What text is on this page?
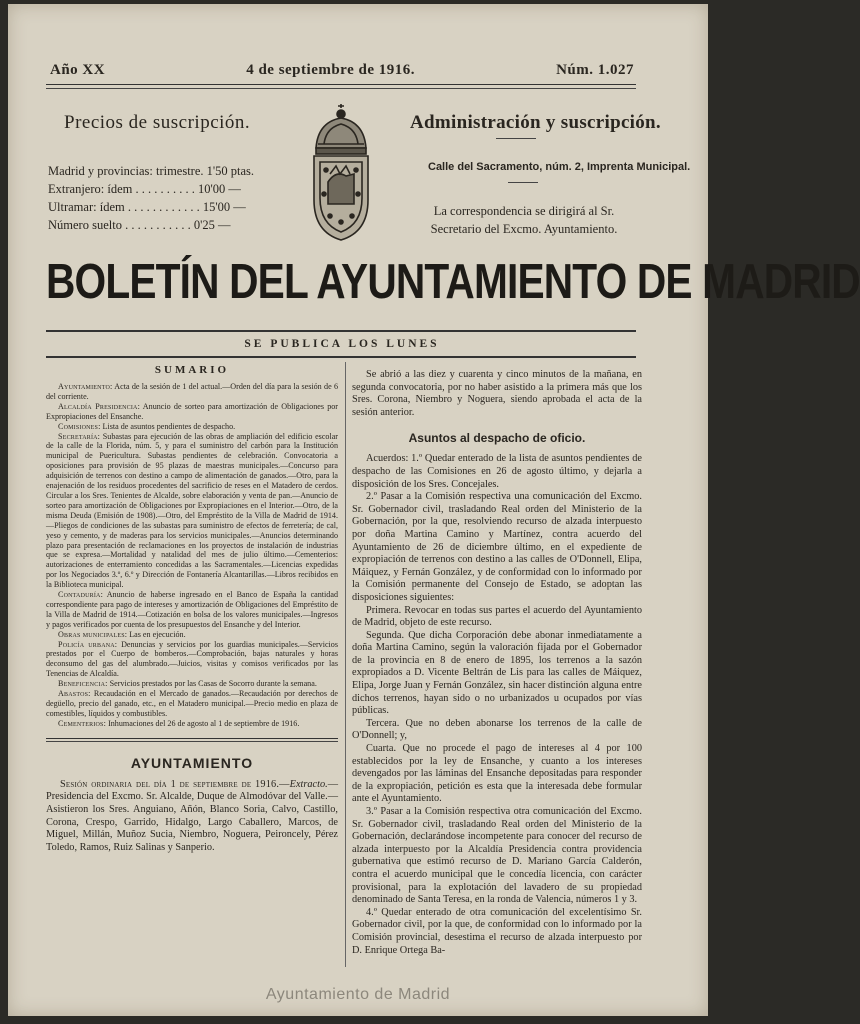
Año XX	4 de septiembre de 1916.	Núm. 1.027
Precios de suscripción.
Madrid y provincias: trimestre. 1'50 ptas.
Extranjero: ídem . . . . . . . . . . 10'00 —
Ultramar: ídem . . . . . . . . . . . . 15'00 —
Número suelto . . . . . . . . . . . 0'25 —
Administración y suscripción.
Calle del Sacramento, núm. 2, Imprenta Municipal.
La correspondencia se dirigirá al Sr. Secretario del Excmo. Ayuntamiento.
BOLETÍN DEL AYUNTAMIENTO DE MADRID
SE PUBLICA LOS LUNES
SUMARIO

Ayuntamiento: Acta de la sesión de 1 del actual.—Orden del día para la sesión de 6 del corriente.

Alcaldía Presidencia: Anuncio de sorteo para amortización de Obligaciones por Expropiaciones del Ensanche.

Comisiones: Lista de asuntos pendientes de despacho.

Secretaría: Subastas para ejecución de las obras de ampliación del edificio escolar de la calle de la Florida, núm. 5, y para el suministro del carbón para la Institución municipal de Puericultura. Subastas pendientes de celebración. Convocatoria a oposiciones para provisión de 95 plazas de maestras municipales.—Concurso para adquisición de terrenos con destino a campo de alimentación de ganados.—Otro, para la enajenación de los residuos procedentes del sacrificio de reses en el Matadero de cerdos. Circular a los Sres. Tenientes de Alcalde, sobre elaboración y venta de pan.—Anuncio de sorteo para amortización de Obligaciones por Expropiaciones en el Interior.—Otro, de la misma Deuda (Emisión de 1908).—Otro, del Empréstito de la Villa de Madrid de 1914.—Pliegos de condiciones de las subastas para suministro de efectos de ferretería; de cal, yeso y cemento, y de maderas para los servicios municipales.—Anuncios determinando plazo para presentación de reclamaciones en los proyectos de instalación de industrias que se expresa.—Mortalidad y natalidad del mes de julio último.—Cementerios: autorizaciones de enterramiento concedidas a las Sacramentales.—Licencias expedidas por los Negociados 3.º, 6.º y Dirección de Fontanería Alcantarillas.—Libros recibidos en la Biblioteca municipal.

Contaduría: Anuncio de haberse ingresado en el Banco de España la cantidad correspondiente para pago de intereses y amortización de Obligaciones del Empréstito de la Villa de Madrid de 1914.—Cotización en bolsa de los valores municipales.—Ingresos y pagos verificados por cuenta de los presupuestos del Ensanche y del Interior.

Obras municipales: Las en ejecución.

Policía urbana: Denuncias y servicios por los guardias municipales.—Servicios prestados por el Cuerpo de bomberos.—Comprobación, bajas naturales y horas deconsumo del gas del alumbrado.—Juicios, visitas y comisos verificados por las Tenencias de Alcaldía.

Beneficencia: Servicios prestados por las Casas de Socorro durante la semana.

Abastos: Recaudación en el Mercado de ganados.—Recaudación por derechos de degüello, precio del ganado, etc., en el Matadero municipal.—Precio medio en plaza de comestibles, líquidos y combustibles.

Cementerios: Inhumaciones del 26 de agosto al 1 de septiembre de 1916.

AYUNTAMIENTO

Sesión ordinaria del día 1 de septiembre de 1916.—Extracto.—Presidencia del Excmo. Sr. Alcalde, Duque de Almodóvar del Valle.—Asistieron los Sres. Anguiano, Añón, Blanco Soria, Calvo, Castillo, Corona, Crespo, Garrido, Hidalgo, Largo Caballero, Marcos, de Miguel, Millán, Muñoz Sucia, Niembro, Noguera, Peironcely, Pérez Toledo, Ramos, Ruiz Salinas y Sanperio.

Se abrió a las diez y cuarenta y cinco minutos de la mañana, en segunda convocatoria, por no haber asistido a la primera más que los Sres. Corona, Niembro y Noguera, siendo aprobada el acta de la sesión anterior.

Asuntos al despacho de oficio.

Acuerdos: 1.º Quedar enterado de la lista de asuntos pendientes de despacho de las Comisiones en 26 de agosto último, y dejarla a disposición de los Sres. Concejales.

2.º Pasar a la Comisión respectiva una comunicación del Excmo. Sr. Gobernador civil, trasladando Real orden del Ministerio de la Gobernación, por la que, resolviendo recurso de alzada interpuesto por doña Martina Camino y Martínez, contra acuerdo del Ayuntamiento de 26 de diciembre último, en el expediente de expropiación de terrenos con destino a las calles de O'Donnell, Elipa, Máiquez, y Fernán González, y de conformidad con lo informado por la Comisión permanente del Consejo de Estado, se adoptan las disposiciones siguientes:

Primera. Revocar en todas sus partes el acuerdo del Ayuntamiento de Madrid, objeto de este recurso.

Segunda. Que dicha Corporación debe abonar inmediatamente a doña Martina Camino, según la valoración fijada por el Gobernador de la provincia en 8 de enero de 1895, los terrenos a la sazón expropiados a D. Vicente Beltrán de Lis para las calles de Máiquez, Elipa, Jorge Juan y Fernán González, sin hacer distinción alguna entre dichos terrenos, hayan sido o no urbanizados u ocupados por vías públicas.

Tercera. Que no deben abonarse los terrenos de la calle de O'Donnell; y,

Cuarta. Que no procede el pago de intereses al 4 por 100 establecidos por la ley de Ensanche, y cuanto a los intereses devengados por las láminas del Ensanche depositadas para responder de la expropiación, petición es esta que la interesada debe formular ante el Ayuntamiento.

3.º Pasar a la Comisión respectiva otra comunicación del Excmo. Sr. Gobernador civil, trasladando Real orden del Ministerio de la Gobernación, declarándose incompetente para conocer del recurso de alzada interpuesto por la Alcaldía Presidencia contra providencia gubernativa que estimó recurso de D. Mariano García Calderón, contra el acuerdo municipal que le concedía licencia, con carácter provisional, para la explotación del lavadero de su propiedad denominado de Santa Teresa, en la ronda de Valencia, números 1 y 3.

4.º Quedar enterado de otra comunicación del excelentísimo Sr. Gobernador civil, por la que, de conformidad con lo informado por la Comisión provincial, desestima el recurso de alzada interpuesto por D. Enrique Ortega Ba-

Ayuntamiento de Madrid
